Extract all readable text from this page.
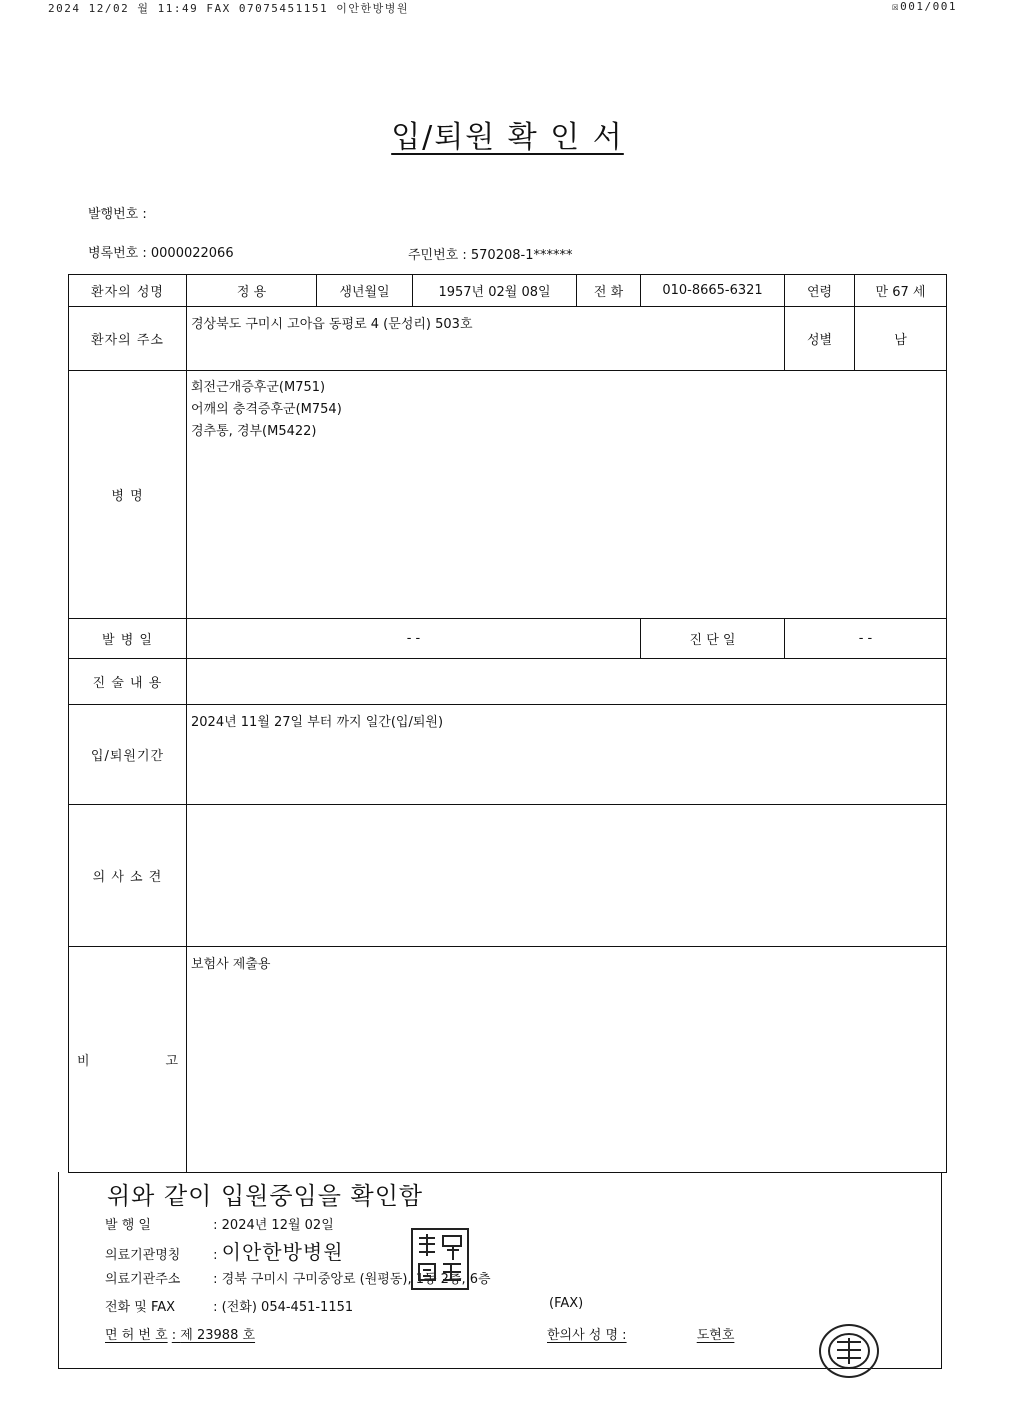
2024 12/02 월 11:49 FAX 07075451151 이안한방병원	☒001/001
입/퇴원 확 인 서
발행번호 :
병록번호 : 0000022066	주민번호 : 570208-1******
환자의 성명	정 용	생년월일	1957년 02월 08일	전 화	010-8665-6321	연령	만 67 세
환자의 주소	경상북도 구미시 고아읍 동평로 4 (문성리) 503호					성별	남
병 명	회전근개증후군(M751)
어깨의 충격증후군(M754)
경추통, 경부(M5422)						

발 병 일	- -				진 단 일	- -	
진 술 내 용							
입/퇴원기간	2024년 11월 27일 부터 까지 일간(입/퇴원)						
의 사 소 견							

비 고	보험사 제출용						
위와 같이 입원중임을 확인함
발 행 일	: 2024년 12월 02일
의료기관명칭	: 이안한방병원
의료기관주소	: 경북 구미시 구미중앙로 (원평동), 1동 2층, 6층
전화 및 FAX	: (전화) 054-451-1151	(FAX)
면 허 번 호 : 제 23988 호	한의사 성 명 :	도현호
